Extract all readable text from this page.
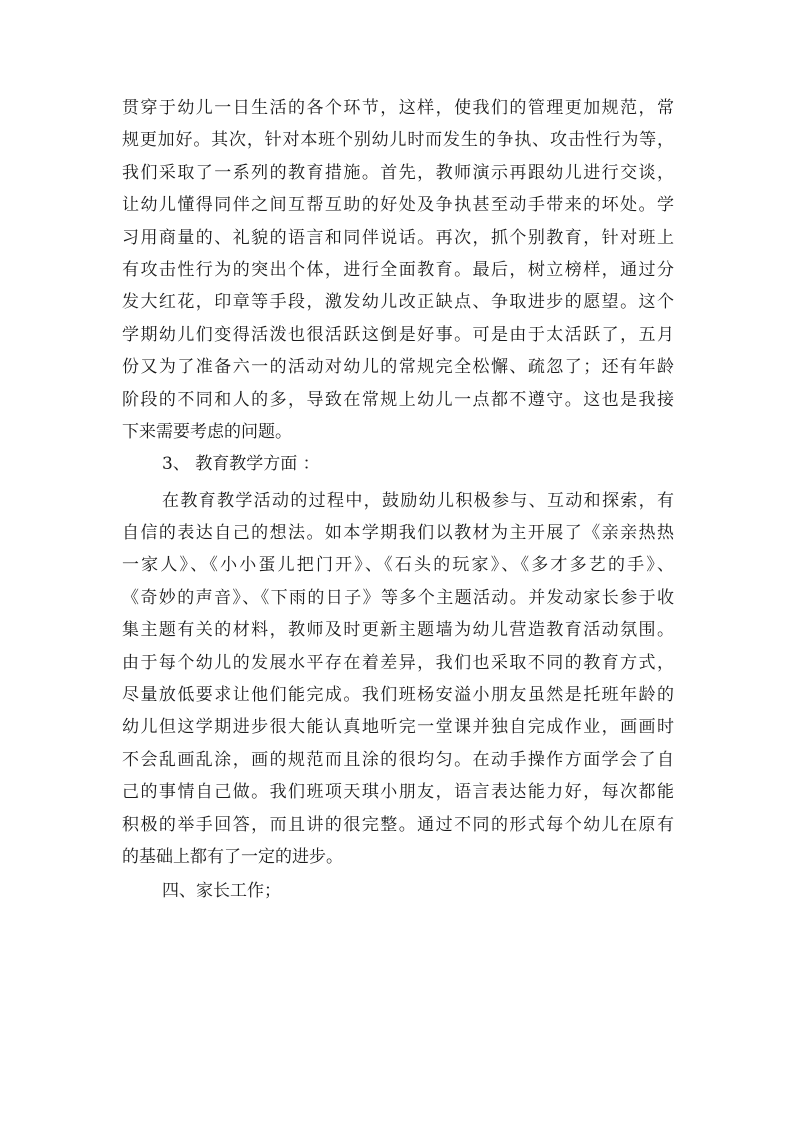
贯穿于幼儿一日生活的各个环节，这样，使我们的管理更加规范，常
规更加好。其次，针对本班个别幼儿时而发生的争执、攻击性行为等，
我们采取了一系列的教育措施。首先，教师演示再跟幼儿进行交谈，
让幼儿懂得同伴之间互帮互助的好处及争执甚至动手带来的坏处。学
习用商量的、礼貌的语言和同伴说话。再次，抓个别教育，针对班上
有攻击性行为的突出个体，进行全面教育。最后，树立榜样，通过分
发大红花，印章等手段，激发幼儿改正缺点、争取进步的愿望。这个
学期幼儿们变得活泼也很活跃这倒是好事。可是由于太活跃了，五月
份又为了准备六一的活动对幼儿的常规完全松懈、疏忽了；还有年龄
阶段的不同和人的多，导致在常规上幼儿一点都不遵守。这也是我接
下来需要考虑的问题。
3、 教育教学方面 ：
在教育教学活动的过程中，鼓励幼儿积极参与、互动和探索，有
自信的表达自己的想法。如本学期我们以教材为主开展了《亲亲热热
一家人》、《小小蛋儿把门开》、《石头的玩家》、《多才多艺的手》、
《奇妙的声音》、《下雨的日子》等多个主题活动。并发动家长参于收
集主题有关的材料，教师及时更新主题墙为幼儿营造教育活动氛围。
由于每个幼儿的发展水平存在着差异，我们也采取不同的教育方式，
尽量放低要求让他们能完成。我们班杨安溢小朋友虽然是托班年龄的
幼儿但这学期进步很大能认真地听完一堂课并独自完成作业，画画时
不会乱画乱涂，画的规范而且涂的很均匀。在动手操作方面学会了自
己的事情自己做。我们班项天琪小朋友，语言表达能力好，每次都能
积极的举手回答，而且讲的很完整。通过不同的形式每个幼儿在原有
的基础上都有了一定的进步。
四、家长工作；
